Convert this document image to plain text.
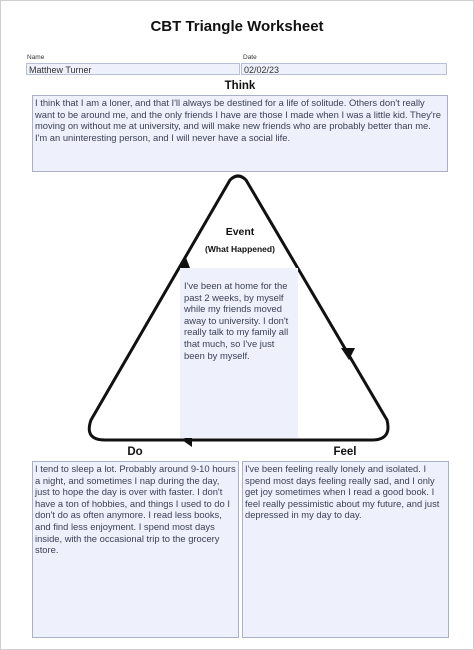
CBT Triangle Worksheet
Name
Matthew Turner
Date
02/02/23
Think
I think that I am a loner, and that I'll always be destined for a life of solitude. Others don't really want to be around me, and the only friends I have are those I made when I was a little kid. They're moving on without me at university, and will make new friends who are probably better than me. I'm an uninteresting person, and I will never have a social life.
I've been at home for the past 2 weeks, by myself while my friends moved away to university. I don't really talk to my family all that much, so I've just been by myself.
Event
(What Happened)
Do	Feel
I tend to sleep a lot. Probably around 9-10 hours a night, and sometimes I nap during the day, just to hope the day is over with faster. I don't have a ton of hobbies, and things I used to do I don't do as often anymore. I read less books, and find less enjoyment. I spend most days inside, with the occasional trip to the grocery store.
I've been feeling really lonely and isolated. I spend most days feeling really sad, and I only get joy sometimes when I read a good book. I feel really pessimistic about my future, and just depressed in my day to day.
